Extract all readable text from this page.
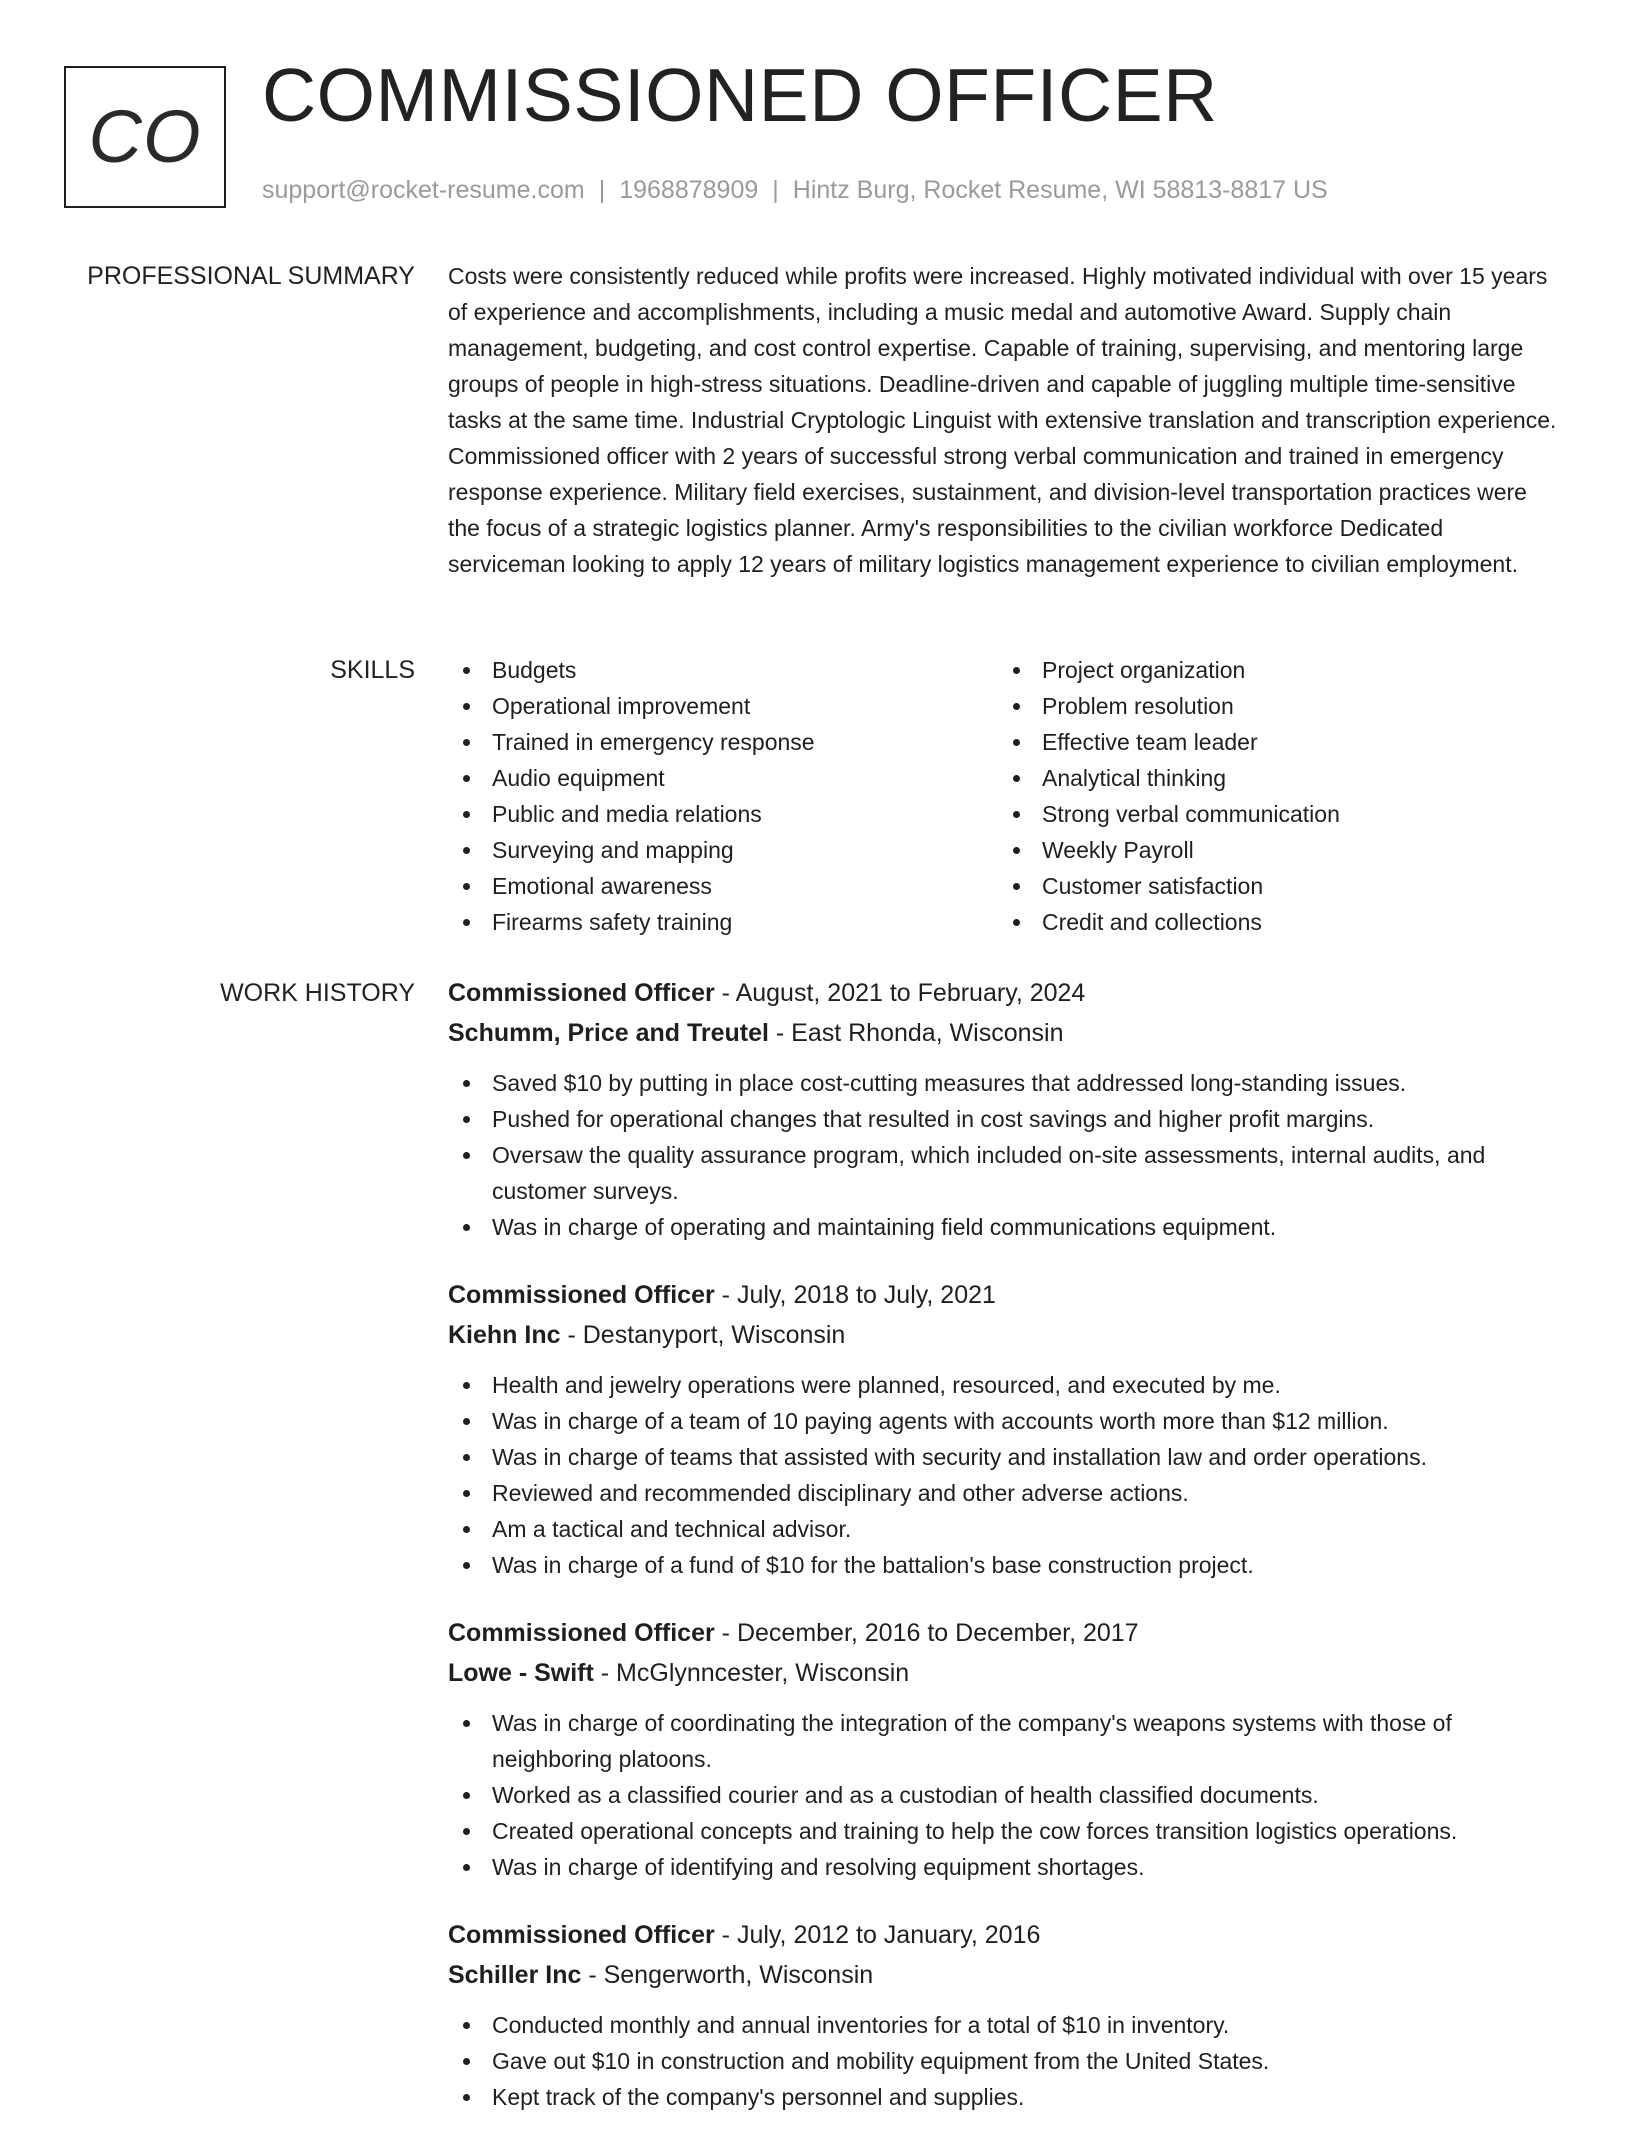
CO COMMISSIONED OFFICER
support@rocket-resume.com | 1968878909 | Hintz Burg, Rocket Resume, WI 58813-8817 US
PROFESSIONAL SUMMARY Costs were consistently reduced while profits were increased. Highly motivated individual with over 15 years of experience and accomplishments, including a music medal and automotive Award. Supply chain management, budgeting, and cost control expertise. Capable of training, supervising, and mentoring large groups of people in high-stress situations. Deadline-driven and capable of juggling multiple time-sensitive tasks at the same time. Industrial Cryptologic Linguist with extensive translation and transcription experience. Commissioned officer with 2 years of successful strong verbal communication and trained in emergency response experience. Military field exercises, sustainment, and division-level transportation practices were the focus of a strategic logistics planner. Army's responsibilities to the civilian workforce Dedicated serviceman looking to apply 12 years of military logistics management experience to civilian employment.

SKILLS	Budgets
Operational improvement
Trained in emergency response
Audio equipment
Public and media relations
Surveying and mapping
Emotional awareness
Firearms safety training
Project organization
Problem resolution
Effective team leader
Analytical thinking
Strong verbal communication
Weekly Payroll
Customer satisfaction
Credit and collections
WORK HISTORY Commissioned Officer - August, 2021 to February, 2024
Schumm, Price and Treutel - East Rhonda, Wisconsin
Saved $10 by putting in place cost-cutting measures that addressed long-standing issues.
Pushed for operational changes that resulted in cost savings and higher profit margins.
Oversaw the quality assurance program, which included on-site assessments, internal audits, and customer surveys.
Was in charge of operating and maintaining field communications equipment.
Commissioned Officer - July, 2018 to July, 2021
Kiehn Inc - Destanyport, Wisconsin
Health and jewelry operations were planned, resourced, and executed by me.
Was in charge of a team of 10 paying agents with accounts worth more than $12 million.
Was in charge of teams that assisted with security and installation law and order operations.
Reviewed and recommended disciplinary and other adverse actions.
Am a tactical and technical advisor.
Was in charge of a fund of $10 for the battalion's base construction project.
Commissioned Officer - December, 2016 to December, 2017
Lowe - Swift - McGlynncester, Wisconsin
Was in charge of coordinating the integration of the company's weapons systems with those of neighboring platoons.
Worked as a classified courier and as a custodian of health classified documents.
Created operational concepts and training to help the cow forces transition logistics operations.
Was in charge of identifying and resolving equipment shortages.
Commissioned Officer - July, 2012 to January, 2016
Schiller Inc - Sengerworth, Wisconsin
Conducted monthly and annual inventories for a total of $10 in inventory.
Gave out $10 in construction and mobility equipment from the United States.
Kept track of the company's personnel and supplies.
